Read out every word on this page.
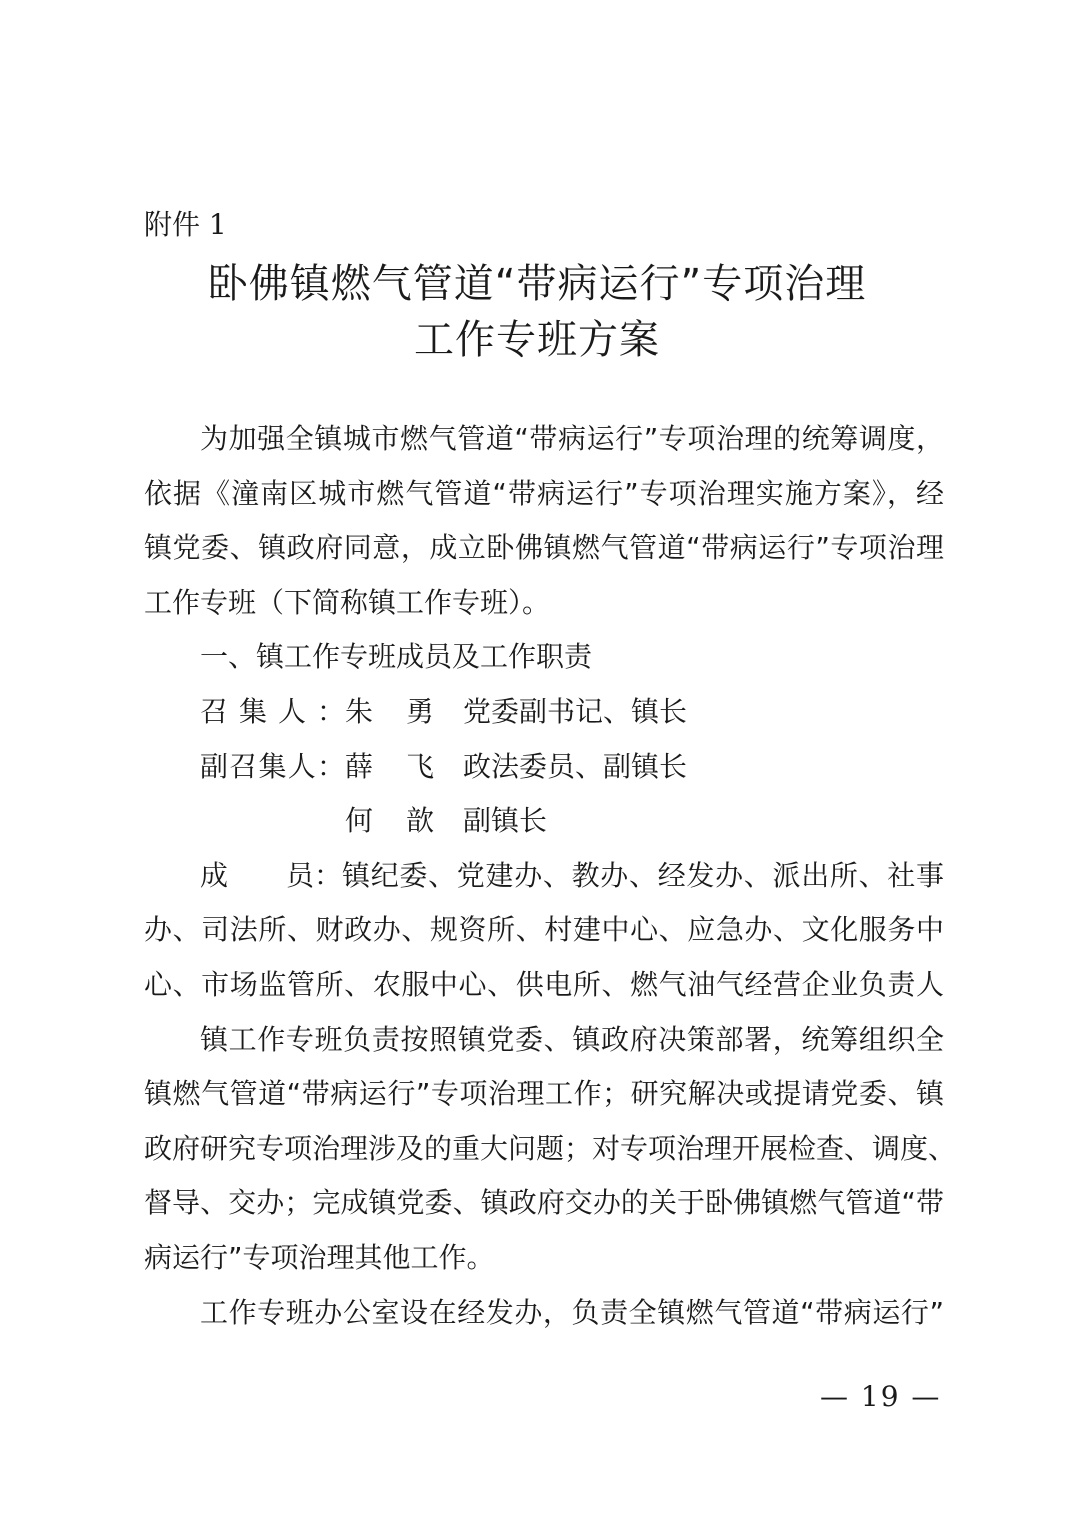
附件 1
卧佛镇燃气管道“带病运行”专项治理
工作专班方案
为加强全镇城市燃气管道“带病运行”专项治理的统筹调度，
依据《潼南区城市燃气管道“带病运行”专项治理实施方案》，经
镇党委、镇政府同意，成立卧佛镇燃气管道“带病运行”专项治理
工作专班（下简称镇工作专班）。
一、镇工作专班成员及工作职责
召集人： 朱勇 党委副书记、镇长
副召集人： 薛飞 政法委员、副镇长
何歆 副镇长
成	员： 镇纪委、党建办、教办、经发办、派出所、社事
办、司法所、财政办、规资所、村建中心、应急办、文化服务中
心、市场监管所、农服中心、供电所、燃气油气经营企业负责人
镇工作专班负责按照镇党委、镇政府决策部署，统筹组织全
镇燃气管道“带病运行”专项治理工作；研究解决或提请党委、镇
政府研究专项治理涉及的重大问题；对专项治理开展检查、调度、
督导、交办；完成镇党委、镇政府交办的关于卧佛镇燃气管道“带
病运行”专项治理其他工作。
工作专班办公室设在经发办，负责全镇燃气管道“带病运行”
— 19 —
